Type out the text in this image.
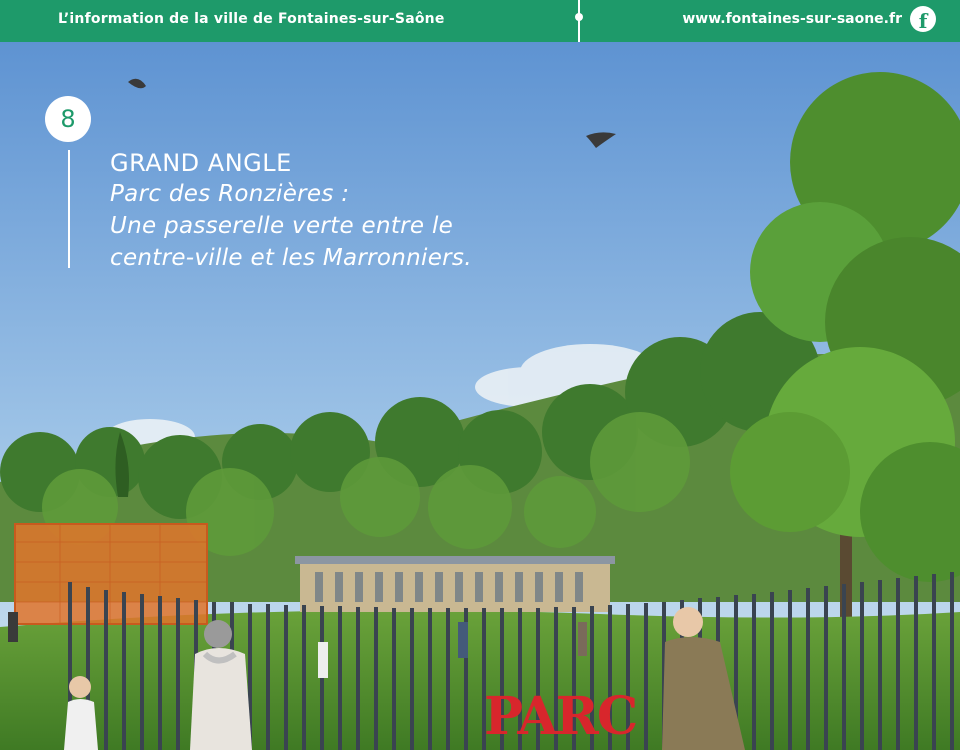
L’information de la ville de Fontaines-sur-Saône	www.fontaines-sur-saone.fr f
PARC
8
GRAND ANGLE
Parc des Ronzières :
Une passerelle verte entre le
centre-ville et les Marronniers.
